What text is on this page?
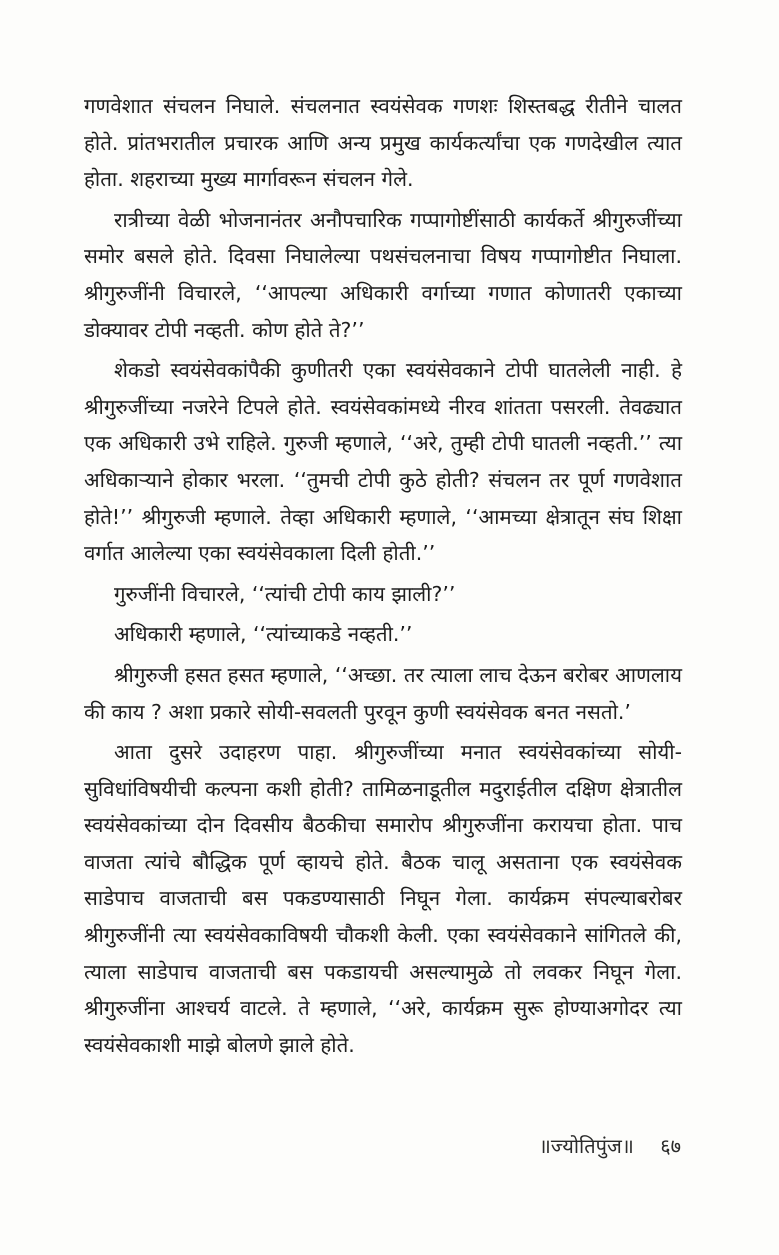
गणवेशात संचलन निघाले. संचलनात स्वयंसेवक गणशः शिस्तबद्ध रीतीने चालत होते. प्रांतभरातील प्रचारक आणि अन्य प्रमुख कार्यकर्त्यांचा एक गणदेखील त्यात होता. शहराच्या मुख्य मार्गावरून संचलन गेले.

रात्रीच्या वेळी भोजनानंतर अनौपचारिक गप्पागोष्टींसाठी कार्यकर्ते श्रीगुरुजींच्या समोर बसले होते. दिवसा निघालेल्या पथसंचलनाचा विषय गप्पागोष्टीत निघाला. श्रीगुरुजींनी विचारले, ‘‘आपल्या अधिकारी वर्गाच्या गणात कोणातरी एकाच्या डोक्यावर टोपी नव्हती. कोण होते ते?’’

शेकडो स्वयंसेवकांपैकी कुणीतरी एका स्वयंसेवकाने टोपी घातलेली नाही. हे श्रीगुरुजींच्या नजरेने टिपले होते. स्वयंसेवकांमध्ये नीरव शांतता पसरली. तेवढ्यात एक अधिकारी उभे राहिले. गुरुजी म्हणाले, ‘‘अरे, तुम्ही टोपी घातली नव्हती.’’ त्या अधिकाऱ्याने होकार भरला. ‘‘तुमची टोपी कुठे होती? संचलन तर पूर्ण गणवेशात होते!’’ श्रीगुरुजी म्हणाले. तेव्हा अधिकारी म्हणाले, ‘‘आमच्या क्षेत्रातून संघ शिक्षा वर्गात आलेल्या एका स्वयंसेवकाला दिली होती.’’

गुरुजींनी विचारले, ‘‘त्यांची टोपी काय झाली?’’

अधिकारी म्हणाले, ‘‘त्यांच्याकडे नव्हती.’’

श्रीगुरुजी हसत हसत म्हणाले, ‘‘अच्छा. तर त्याला लाच देऊन बरोबर आणलाय की काय ? अशा प्रकारे सोयी-सवलती पुरवून कुणी स्वयंसेवक बनत नसतो.’

आता दुसरे उदाहरण पाहा. श्रीगुरुजींच्या मनात स्वयंसेवकांच्या सोयी-सुविधांविषयीची कल्पना कशी होती? तामिळनाडूतील मदुराईतील दक्षिण क्षेत्रातील स्वयंसेवकांच्या दोन दिवसीय बैठकीचा समारोप श्रीगुरुजींना करायचा होता. पाच वाजता त्यांचे बौद्धिक पूर्ण व्हायचे होते. बैठक चालू असताना एक स्वयंसेवक साडेपाच वाजताची बस पकडण्यासाठी निघून गेला. कार्यक्रम संपल्याबरोबर श्रीगुरुजींनी त्या स्वयंसेवकाविषयी चौकशी केली. एका स्वयंसेवकाने सांगितले की, त्याला साडेपाच वाजताची बस पकडायची असल्यामुळे तो लवकर निघून गेला. श्रीगुरुजींना आश्चर्य वाटले. ते म्हणाले, ‘‘अरे, कार्यक्रम सुरू होण्याअगोदर त्या स्वयंसेवकाशी माझे बोलणे झाले होते.

॥ज्योतिपुंज॥ ६७
